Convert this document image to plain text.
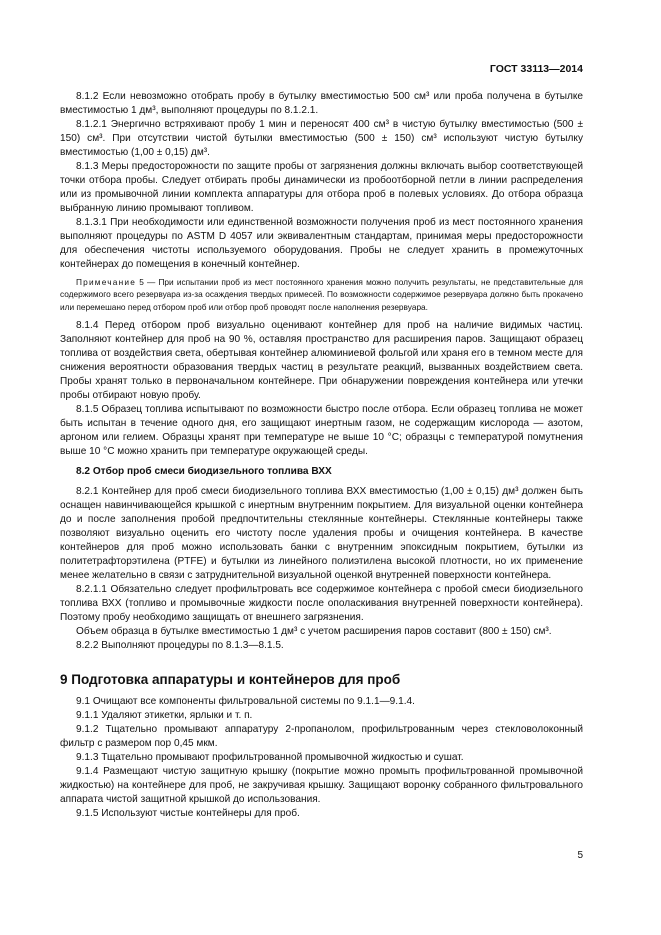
ГОСТ 33113—2014

8.1.2 Если невозможно отобрать пробу в бутылку вместимостью 500 см³ или проба получена в бутылке вместимостью 1 дм³, выполняют процедуры по 8.1.2.1.

8.1.2.1 Энергично встряхивают пробу 1 мин и переносят 400 см³ в чистую бутылку вместимостью (500 ± 150) см³. При отсутствии чистой бутылки вместимостью (500 ± 150) см³ используют чистую бутылку вместимостью (1,00 ± 0,15) дм³.

8.1.3 Меры предосторожности по защите пробы от загрязнения должны включать выбор соответствующей точки отбора пробы. Следует отбирать пробы динамически из пробоотборной петли в линии распределения или из промывочной линии комплекта аппаратуры для отбора проб в полевых условиях. До отбора образца выбранную линию промывают топливом.

8.1.3.1 При необходимости или единственной возможности получения проб из мест постоянного хранения выполняют процедуры по ASTM D 4057 или эквивалентным стандартам, принимая меры предосторожности для обеспечения чистоты используемого оборудования. Пробы не следует хранить в промежуточных контейнерах до помещения в конечный контейнер.

Примечание 5 — При испытании проб из мест постоянного хранения можно получить результаты, не представительные для содержимого всего резервуара из-за осаждения твердых примесей. По возможности содержимое резервуара должно быть прокачено или перемешано перед отбором проб или отбор проб проводят после наполнения резервуара.

8.1.4 Перед отбором проб визуально оценивают контейнер для проб на наличие видимых частиц. Заполняют контейнер для проб на 90 %, оставляя пространство для расширения паров. Защищают образец топлива от воздействия света, обертывая контейнер алюминиевой фольгой или храня его в темном месте для снижения вероятности образования твердых частиц в результате реакций, вызванных воздействием света. Пробы хранят только в первоначальном контейнере. При обнаружении повреждения контейнера или утечки пробы отбирают новую пробу.

8.1.5 Образец топлива испытывают по возможности быстро после отбора. Если образец топлива не может быть испытан в течение одного дня, его защищают инертным газом, не содержащим кислорода — азотом, аргоном или гелием. Образцы хранят при температуре не выше 10 °С; образцы с температурой помутнения выше 10 °С можно хранить при температуре окружающей среды.

8.2 Отбор проб смеси биодизельного топлива ВХХ

8.2.1 Контейнер для проб смеси биодизельного топлива ВХХ вместимостью (1,00 ± 0,15) дм³ должен быть оснащен навинчивающейся крышкой с инертным внутренним покрытием. Для визуальной оценки контейнера до и после заполнения пробой предпочтительны стеклянные контейнеры. Стеклянные контейнеры также позволяют визуально оценить его чистоту после удаления пробы и очищения контейнера. В качестве контейнеров для проб можно использовать банки с внутренним эпоксидным покрытием, бутылки из политетрафторэтилена (PTFE) и бутылки из линейного полиэтилена высокой плотности, но их применение менее желательно в связи с затруднительной визуальной оценкой внутренней поверхности контейнера.

8.2.1.1 Обязательно следует профильтровать все содержимое контейнера с пробой смеси биодизельного топлива ВХХ (топливо и промывочные жидкости после ополаскивания внутренней поверхности контейнера). Поэтому пробу необходимо защищать от внешнего загрязнения.

Объем образца в бутылке вместимостью 1 дм³ с учетом расширения паров составит (800 ± 150) см³.

8.2.2 Выполняют процедуры по 8.1.3—8.1.5.

9 Подготовка аппаратуры и контейнеров для проб

9.1 Очищают все компоненты фильтровальной системы по 9.1.1—9.1.4.

9.1.1 Удаляют этикетки, ярлыки и т. п.

9.1.2 Тщательно промывают аппаратуру 2-пропанолом, профильтрованным через стекловолоконный фильтр с размером пор 0,45 мкм.

9.1.3 Тщательно промывают профильтрованной промывочной жидкостью и сушат.

9.1.4 Размещают чистую защитную крышку (покрытие можно промыть профильтрованной промывочной жидкостью) на контейнере для проб, не закручивая крышку. Защищают воронку собранного фильтровального аппарата чистой защитной крышкой до использования.

9.1.5 Используют чистые контейнеры для проб.

5
